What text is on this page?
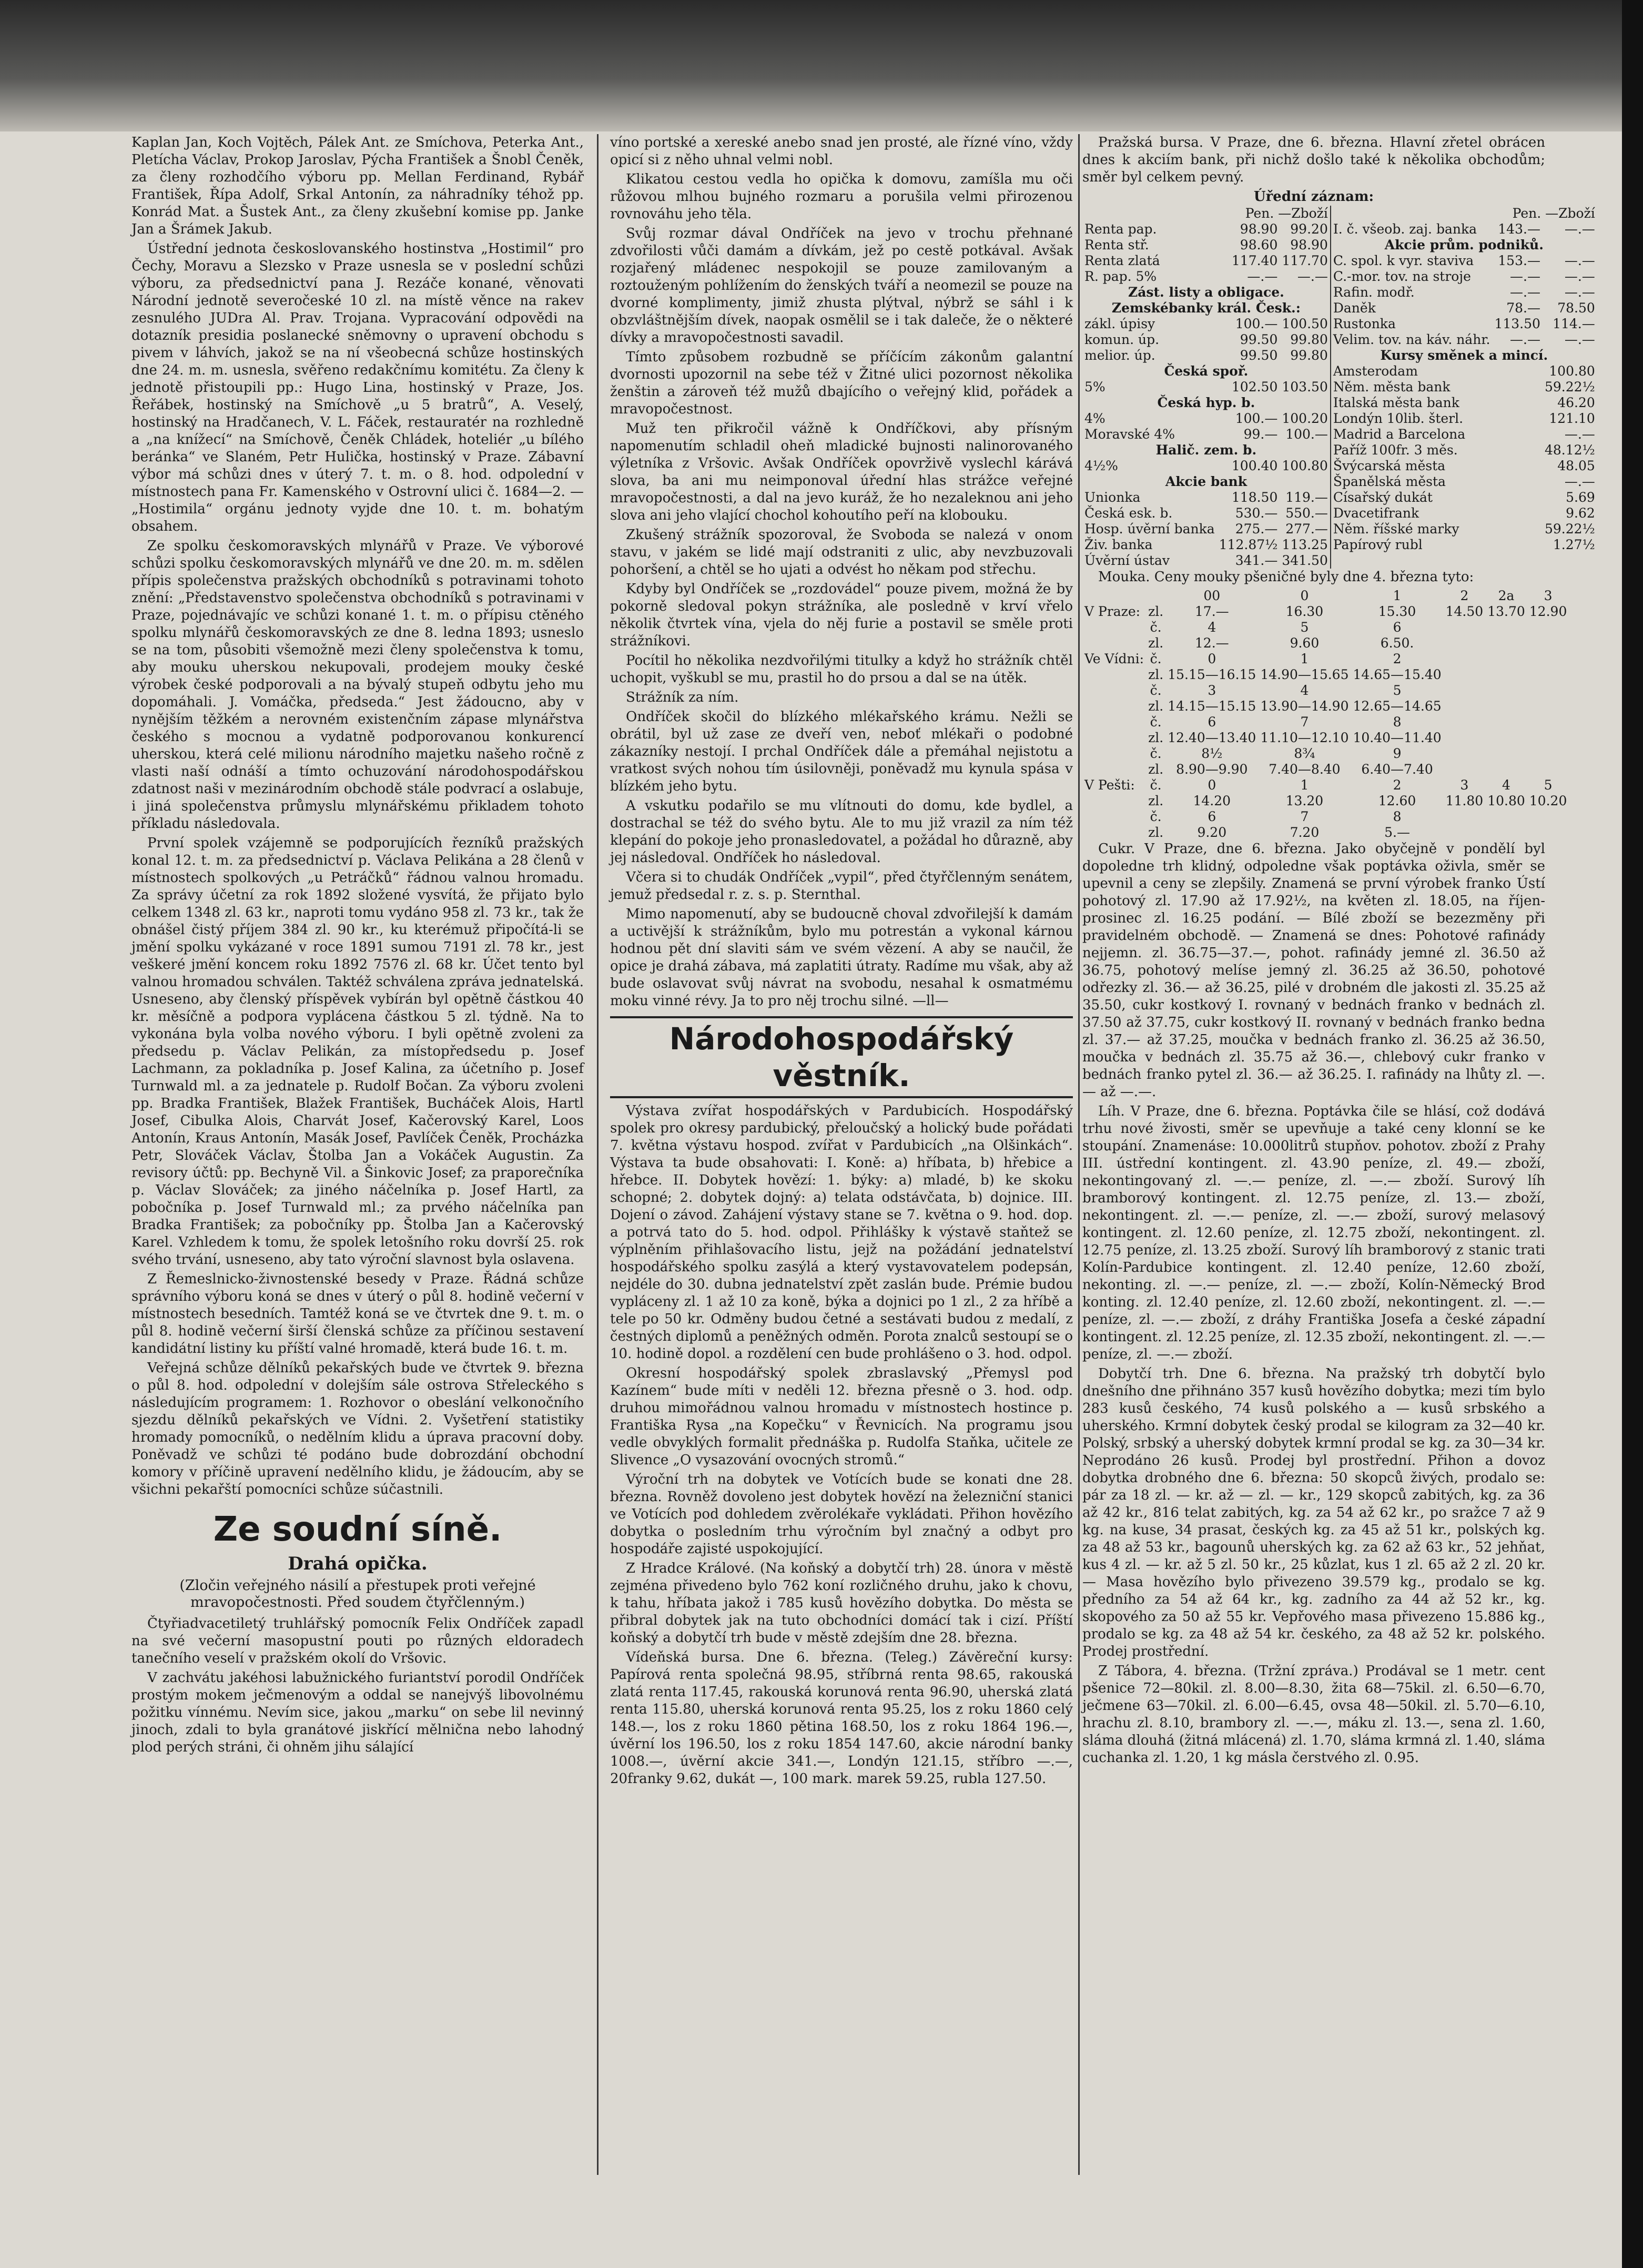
Kaplan Jan, Koch Vojtěch, Pálek Ant. ze Smíchova, Peterka Ant., Pletícha Václav, Prokop Jaroslav, Pýcha František a Šnobl Čeněk, za členy rozhodčího výboru pp. Mellan Ferdinand, Rybář František, Řípa Adolf, Srkal Antonín, za náhradníky téhož pp. Konrád Mat. a Šustek Ant., za členy zkušební komise pp. Janke Jan a Šrámek Jakub.

Ústřední jednota českoslovanského hostinstva „Hostimil“ pro Čechy, Moravu a Slezsko v Praze usnesla se v poslední schůzi výboru, za předsednictví pana J. Rezáče konané, věnovati Národní jednotě severočeské 10 zl. na místě věnce na rakev zesnulého JUDra Al. Prav. Trojana. Vypracování odpovědi na dotazník presidia poslanecké sněmovny o upravení obchodu s pivem v láhvích, jakož se na ní všeobecná schůze hostinských dne 24. m. m. usnesla, svěřeno redakčnímu komitétu. Za členy k jednotě přistoupili pp.: Hugo Lina, hostinský v Praze, Jos. Řeřábek, hostinský na Smíchově „u 5 bratrů“, A. Veselý, hostinský na Hradčanech, V. L. Fáček, restauratér na rozhledně a „na knížecí“ na Smíchově, Čeněk Chládek, hoteliér „u bílého beránka“ ve Slaném, Petr Hulička, hostinský v Praze. Zábavní výbor má schůzi dnes v úterý 7. t. m. o 8. hod. odpolední v místnostech pana Fr. Kamenského v Ostrovní ulici č. 1684—2. — „Hostimila“ orgánu jednoty vyjde dne 10. t. m. bohatým obsahem.

Ze spolku českomoravských mlynářů v Praze. Ve výborové schůzi spolku českomoravských mlynářů ve dne 20. m. m. sdělen přípis společenstva pražských obchodníků s potravinami tohoto znění: „Představenstvo společenstva obchodníků s potravinami v Praze, pojednávajíc ve schůzi konané 1. t. m. o přípisu ctěného spolku mlynářů českomoravských ze dne 8. ledna 1893; usneslo se na tom, působiti všemožně mezi členy společenstva k tomu, aby mouku uherskou nekupovali, prodejem mouky české výrobek české podporovali a na bývalý stupeň odbytu jeho mu dopomáhali. J. Vomáčka, předseda.“ Jest žádoucno, aby v nynějším těžkém a nerovném existenčním zápase mlynářstva českého s mocnou a vydatně podporovanou konkurencí uherskou, která celé milionu národního majetku našeho ročně z vlasti naší odnáší a tímto ochuzování národohospodářskou zdatnost naši v mezinárodním obchodě stále podvrací a oslabuje, i jiná společenstva průmyslu mlynářskému přikladem tohoto příkladu následovala.

První spolek vzájemně se podporujících řezníků pražských konal 12. t. m. za předsednictví p. Václava Pelikána a 28 členů v místnostech spolkových „u Petráčků“ řádnou valnou hromadu. Za správy účetní za rok 1892 složené vysvítá, že přijato bylo celkem 1348 zl. 63 kr., naproti tomu vydáno 958 zl. 73 kr., tak že obnášel čistý příjem 384 zl. 90 kr., ku kterémuž připočítá-li se jmění spolku vykázané v roce 1891 sumou 7191 zl. 78 kr., jest veškeré jmění koncem roku 1892 7576 zl. 68 kr. Účet tento byl valnou hromadou schválen. Taktéž schválena zpráva jednatelská. Usneseno, aby členský příspěvek vybírán byl opětně částkou 40 kr. měsíčně a podpora vyplácena částkou 5 zl. týdně. Na to vykonána byla volba nového výboru. I byli opětně zvoleni za předsedu p. Václav Pelikán, za místopředsedu p. Josef Lachmann, za pokladníka p. Josef Kalina, za účetního p. Josef Turnwald ml. a za jednatele p. Rudolf Bočan. Za výboru zvoleni pp. Bradka František, Blažek František, Bucháček Alois, Hartl Josef, Cibulka Alois, Charvát Josef, Kačerovský Karel, Loos Antonín, Kraus Antonín, Masák Josef, Pavlíček Čeněk, Procházka Petr, Slováček Václav, Štolba Jan a Vokáček Augustin. Za revisory účtů: pp. Bechyně Vil. a Šinkovic Josef; za praporečníka p. Václav Slováček; za jiného náčelníka p. Josef Hartl, za pobočníka p. Josef Turnwald ml.; za prvého náčelníka pan Bradka František; za pobočníky pp. Štolba Jan a Kačerovský Karel. Vzhledem k tomu, že spolek letošního roku dovrší 25. rok svého trvání, usneseno, aby tato výroční slavnost byla oslavena.

Z Řemeslnicko-živnostenské besedy v Praze. Řádná schůze správního výboru koná se dnes v úterý o půl 8. hodině večerní v místnostech besedních. Tamtéž koná se ve čtvrtek dne 9. t. m. o půl 8. hodině večerní širší členská schůze za příčinou sestavení kandidátní listiny ku příští valné hromadě, která bude 16. t. m.

Veřejná schůze dělníků pekařských bude ve čtvrtek 9. března o půl 8. hod. odpolední v dolejším sále ostrova Střeleckého s následujícím programem: 1. Rozhovor o obeslání velkonočního sjezdu dělníků pekařských ve Vídni. 2. Vyšetření statistiky hromady pomocníků, o nedělním klidu a úprava pracovní doby. Poněvadž ve schůzi té podáno bude dobrozdání obchodní komory v příčině upravení nedělního klidu, je žádoucím, aby se všichni pekařští pomocníci schůze súčastnili.

Ze soudní síně.
Drahá opička.
(Zločin veřejného násilí a přestupek proti veřejné mravopočestnosti. Před soudem čtyřčlenným.)

Čtyřiadvacetiletý truhlářský pomocník Felix Ondříček zapadl na své večerní masopustní pouti po různých eldoradech tanečního veselí v pražském okolí do Vršovic.

V zachvátu jakéhosi labužnického furiantství porodil Ondříček prostým mokem ječmenovým a oddal se nanejvýš libovolnému požitku vínnému. Nevím sice, jakou „marku“ on sebe lil nevinný jinoch, zdali to byla granátové jiskřící mělnična nebo lahodný plod perých stráni, či ohněm jihu sálající

víno portské a xereské anebo snad jen prosté, ale řízné víno, vždy opicí si z něho uhnal velmi nobl.

Klikatou cestou vedla ho opička k domovu, zamíšla mu oči růžovou mlhou bujného rozmaru a porušila velmi přirozenou rovnováhu jeho těla.

Svůj rozmar dával Ondříček na jevo v trochu přehnané zdvořilosti vůči damám a dívkám, jež po cestě potkával. Avšak rozjařený mládenec nespokojil se pouze zamilovaným a roztouženým pohlížením do ženských tváří a neomezil se pouze na dvorné komplimenty, jimiž zhusta plýtval, nýbrž se sáhl i k obzvláštnějším dívek, naopak osmělil se i tak daleče, že o některé dívky a mravopočestnosti savadil.

Tímto způsobem rozbudně se příčícím zákonům galantní dvornosti upozornil na sebe též v Žitné ulici pozornost několika ženštin a zároveň též mužů dbajícího o veřejný klid, pořádek a mravopočestnost.

Muž ten přikročil vážně k Ondříčkovi, aby přísným napomenutím schladil oheň mladické bujnosti nalinorovaného výletníka z Vršovic. Avšak Ondříček opovrživě vyslechl kárává slova, ba ani mu neimponoval úřední hlas strážce veřejné mravopočestnosti, a dal na jevo kuráž, že ho nezaleknou ani jeho slova ani jeho vlající chochol kohoutího peří na klobouku.

Zkušený strážník spozoroval, že Svoboda se nalezá v onom stavu, v jakém se lidé mají odstraniti z ulic, aby nevzbuzovali pohoršení, a chtěl se ho ujati a odvést ho někam pod střechu.

Kdyby byl Ondříček se „rozdovádel“ pouze pivem, možná že by pokorně sledoval pokyn strážníka, ale posledně v krví vřelo několik čtvrtek vína, vjela do něj furie a postavil se směle proti strážníkovi.

Pocítil ho několika nezdvořilými titulky a když ho strážník chtěl uchopit, vyškubl se mu, prastil ho do prsou a dal se na útěk.

Strážník za ním.

Ondříček skočil do blízkého mlékařského krámu. Nežli se obrátil, byl už zase ze dveří ven, neboť mlékaři o podobné zákazníky nestojí. I prchal Ondříček dále a přemáhal nejistotu a vratkost svých nohou tím úsilovněji, poněvadž mu kynula spása v blízkém jeho bytu.

A vskutku podařilo se mu vlítnouti do domu, kde bydlel, a dostrachal se též do svého bytu. Ale to mu již vrazil za ním též klepání do pokoje jeho pronasledovatel, a požádal ho důrazně, aby jej následoval. Ondříček ho následoval.

Včera si to chudák Ondříček „vypil“, před čtyřčlenným senátem, jemuž předsedal r. z. s. p. Sternthal.

Mimo napomenutí, aby se budoucně choval zdvořilejší k damám a uctivější k strážníkům, bylo mu potrestán a vykonal kárnou hodnou pět dní slaviti sám ve svém vězení. A aby se naučil, že opice je drahá zábava, má zaplatiti útraty. Radíme mu však, aby až bude oslavovat svůj návrat na svobodu, nesahal k osmatmému moku vinné révy. Ja to pro něj trochu silné. —ll—

Národohospodářský věstník.

Výstava zvířat hospodářských v Pardubicích. Hospodářský spolek pro okresy pardubický, přeloučský a holický bude pořádati 7. května výstavu hospod. zvířat v Pardubicích „na Olšinkách“. Výstava ta bude obsahovati: I. Koně: a) hříbata, b) hřebice a hřebce. II. Dobytek hovězí: 1. býky: a) mladé, b) ke skoku schopné; 2. dobytek dojný: a) telata odstávčata, b) dojnice. III. Dojení o závod. Zahájení výstavy stane se 7. května o 9. hod. dop. a potrvá tato do 5. hod. odpol. Přihlášky k výstavě staňtež se výplněním přihlašovacího listu, jejž na požádání jednatelství hospodářského spolku zasýlá a který vystavovatelem podepsán, nejdéle do 30. dubna jednatelství zpět zaslán bude. Prémie budou vypláceny zl. 1 až 10 za koně, býka a dojnici po 1 zl., 2 za hříbě a tele po 50 kr. Odměny budou četné a sestávati budou z medalí, z čestných diplomů a peněžných odměn. Porota znalců sestoupí se o 10. hodině dopol. a rozdělení cen bude prohlášeno o 3. hod. odpol.

Okresní hospodářský spolek zbraslavský „Přemysl pod Kazínem“ bude míti v neděli 12. března přesně o 3. hod. odp. druhou mimořádnou valnou hromadu v místnostech hostince p. Františka Rysa „na Kopečku“ v Řevnicích. Na programu jsou vedle obvyklých formalit přednáška p. Rudolfa Staňka, učitele ze Slivence „O vysazování ovocných stromů.“

Výroční trh na dobytek ve Votících bude se konati dne 28. března. Rovněž dovoleno jest dobytek hovězí na železniční stanici ve Votících pod dohledem zvěrolékaře vykládati. Přihon hovězího dobytka o posledním trhu výročním byl značný a odbyt pro hospodáře zajisté uspokojující.

Z Hradce Králové. (Na koňský a dobytčí trh) 28. února v městě zejména přivedeno bylo 762 koní rozličného druhu, jako k chovu, k tahu, hříbata jakož i 785 kusů hovězího dobytka. Do města se přibral dobytek jak na tuto obchodníci domácí tak i cizí. Příští koňský a dobytčí trh bude v městě zdejším dne 28. března.

Vídeňská bursa. Dne 6. března. (Teleg.) Závěreční kursy: Papírová renta společná 98.95, stříbrná renta 98.65, rakouská zlatá renta 117.45, rakouská korunová renta 96.90, uherská zlatá renta 115.80, uherská korunová renta 95.25, los z roku 1860 celý 148.—, los z roku 1860 pětina 168.50, los z roku 1864 196.—, úvěrní los 196.50, los z roku 1854 147.60, akcie národní banky 1008.—, úvěrní akcie 341.—, Londýn 121.15, stříbro —.—, 20franky 9.62, dukát —, 100 mark. marek 59.25, rubla 127.50.

Pražská bursa. V Praze, dne 6. března. Hlavní zřetel obrácen dnes k akciím bank, při nichž došlo také k několika obchodům; směr byl celkem pevný.

Úřední záznam:
	Pen. —Zboží
Renta pap.	98.90	99.20
Renta stř.	98.60	98.90
Renta zlatá	117.40	117.70
R. pap. 5%	—.—	—.—
Zást. listy a obligace.
Zemskébanky král. Česk.:
zákl. úpisy	100.—	100.50
komun. úp.	99.50	99.80
melior. úp.	99.50	99.80
Česká spoř.
5%	102.50	103.50
Česká hyp. b.
4%	100.—	100.20
Moravské 4%	99.—	100.—
Halič. zem. b.
4½%	100.40	100.80
Akcie bank
Unionka	118.50	119.—
Česká esk. b.	530.—	550.—
Hosp. úvěrní banka	275.—	277.—
Živ. banka	112.87½	113.25
Úvěrní ústav	341.—	341.50

	Pen. —Zboží
I. č. všeob. zaj. banka	143.—	—.—
Akcie prům. podniků.
C. spol. k vyr. staviva	153.—	—.—
C.-mor. tov. na stroje	—.—	—.—
Rafin. modř.	—.—	—.—
Daněk	78.—	78.50
Rustonka	113.50	114.—
Velim. tov. na káv. náhr.	—.—	—.—
Kursy směnek a mincí.
Amsterodam		100.80
Něm. města bank		59.22½
Italská města bank		46.20
Londýn 10lib. šterl.		121.10
Madrid a Barcelona		—.—
Paříž 100fr. 3 měs.		48.12½
Švýcarská města		48.05
Španělská města		—.—
Císařský dukát		5.69
Dvacetifrank		9.62
Něm. říšské marky		59.22½
Papírový rubl		1.27½

Mouka. Ceny mouky pšeničné byly dne 4. března tyto:

		00	0	1	2	2a	3
V Praze:	zl.	17.—	16.30	15.30	14.50	13.70	12.90
	č.	4	5	6			
	zl.	12.—	9.60	6.50.			
Ve Vídni:	č.	0	1	2			
	zl.	15.15—16.15	14.90—15.65	14.65—15.40			
	č.	3	4	5			
	zl.	14.15—15.15	13.90—14.90	12.65—14.65			
	č.	6	7	8			
	zl.	12.40—13.40	11.10—12.10	10.40—11.40			
	č.	8½	8¾	9			
	zl.	8.90—9.90	7.40—8.40	6.40—7.40			
V Pešti:	č.	0	1	2	3	4	5
	zl.	14.20	13.20	12.60	11.80	10.80	10.20
	č.	6	7	8			
	zl.	9.20	7.20	5.—			

Cukr. V Praze, dne 6. března. Jako obyčejně v pondělí byl dopoledne trh klidný, odpoledne však poptávka oživla, směr se upevnil a ceny se zlepšily. Znamená se první výrobek franko Ústí pohotový zl. 17.90 až 17.92½, na květen zl. 18.05, na říjen-prosinec zl. 16.25 podání. — Bílé zboží se bezezměny při pravidelném obchodě. — Znamená se dnes: Pohotové rafinády nejjemn. zl. 36.75—37.—, pohot. rafinády jemné zl. 36.50 až 36.75, pohotový melíse jemný zl. 36.25 až 36.50, pohotové odřezky zl. 36.— až 36.25, pilé v drobném dle jakosti zl. 35.25 až 35.50, cukr kostkový I. rovnaný v bednách franko v bednách zl. 37.50 až 37.75, cukr kostkový II. rovnaný v bednách franko bedna zl. 37.— až 37.25, moučka v bednách franko zl. 36.25 až 36.50, moučka v bednách zl. 35.75 až 36.—, chlebový cukr franko v bednách franko pytel zl. 36.— až 36.25. I. rafinády na lhůty zl. —.— až —.—.

Líh. V Praze, dne 6. března. Poptávka čile se hlásí, což dodává trhu nové živosti, směr se upevňuje a také ceny klonní se ke stoupání. Znamenáse: 10.000litrů stupňov. pohotov. zboží z Prahy III. ústřední kontingent. zl. 43.90 peníze, zl. 49.— zboží, nekontingovaný zl. —.— peníze, zl. —.— zboží. Surový líh bramborový kontingent. zl. 12.75 peníze, zl. 13.— zboží, nekontingent. zl. —.— peníze, zl. —.— zboží, surový melasový kontingent. zl. 12.60 peníze, zl. 12.75 zboží, nekontingent. zl. 12.75 peníze, zl. 13.25 zboží. Surový líh bramborový z stanic trati Kolín-Pardubice kontingent. zl. 12.40 peníze, 12.60 zboží, nekonting. zl. —.— peníze, zl. —.— zboží, Kolín-Německý Brod konting. zl. 12.40 peníze, zl. 12.60 zboží, nekontingent. zl. —.— peníze, zl. —.— zboží, z dráhy Františka Josefa a české západní kontingent. zl. 12.25 peníze, zl. 12.35 zboží, nekontingent. zl. —.— peníze, zl. —.— zboží.

Dobytčí trh. Dne 6. března. Na pražský trh dobytčí bylo dnešního dne přihnáno 357 kusů hovězího dobytka; mezi tím bylo 283 kusů českého, 74 kusů polského a — kusů srbského a uherského. Krmní dobytek český prodal se kilogram za 32—40 kr. Polský, srbský a uherský dobytek krmní prodal se kg. za 30—34 kr. Neprodáno 26 kusů. Prodej byl prostřední. Přihon a dovoz dobytka drobného dne 6. března: 50 skopců živých, prodalo se: pár za 18 zl. — kr. až — zl. — kr., 129 skopců zabitých, kg. za 36 až 42 kr., 816 telat zabitých, kg. za 54 až 62 kr., po sražce 7 až 9 kg. na kuse, 34 prasat, českých kg. za 45 až 51 kr., polských kg. za 48 až 53 kr., bagounů uherských kg. za 62 až 63 kr., 52 jehňat, kus 4 zl. — kr. až 5 zl. 50 kr., 25 kůzlat, kus 1 zl. 65 až 2 zl. 20 kr. — Masa hovězího bylo přivezeno 39.579 kg., prodalo se kg. předního za 54 až 64 kr., kg. zadního za 44 až 52 kr., kg. skopového za 50 až 55 kr. Vepřového masa přivezeno 15.886 kg., prodalo se kg. za 48 až 54 kr. českého, za 48 až 52 kr. polského. Prodej prostřední.

Z Tábora, 4. března. (Tržní zpráva.) Prodával se 1 metr. cent pšenice 72—80kil. zl. 8.00—8.30, žita 68—75kil. zl. 6.50—6.70, ječmene 63—70kil. zl. 6.00—6.45, ovsa 48—50kil. zl. 5.70—6.10, hrachu zl. 8.10, brambory zl. —.—, máku zl. 13.—, sena zl. 1.60, sláma dlouhá (žitná mlácená) zl. 1.70, sláma krmná zl. 1.40, sláma cuchanka zl. 1.20, 1 kg másla čerstvého zl. 0.95.
